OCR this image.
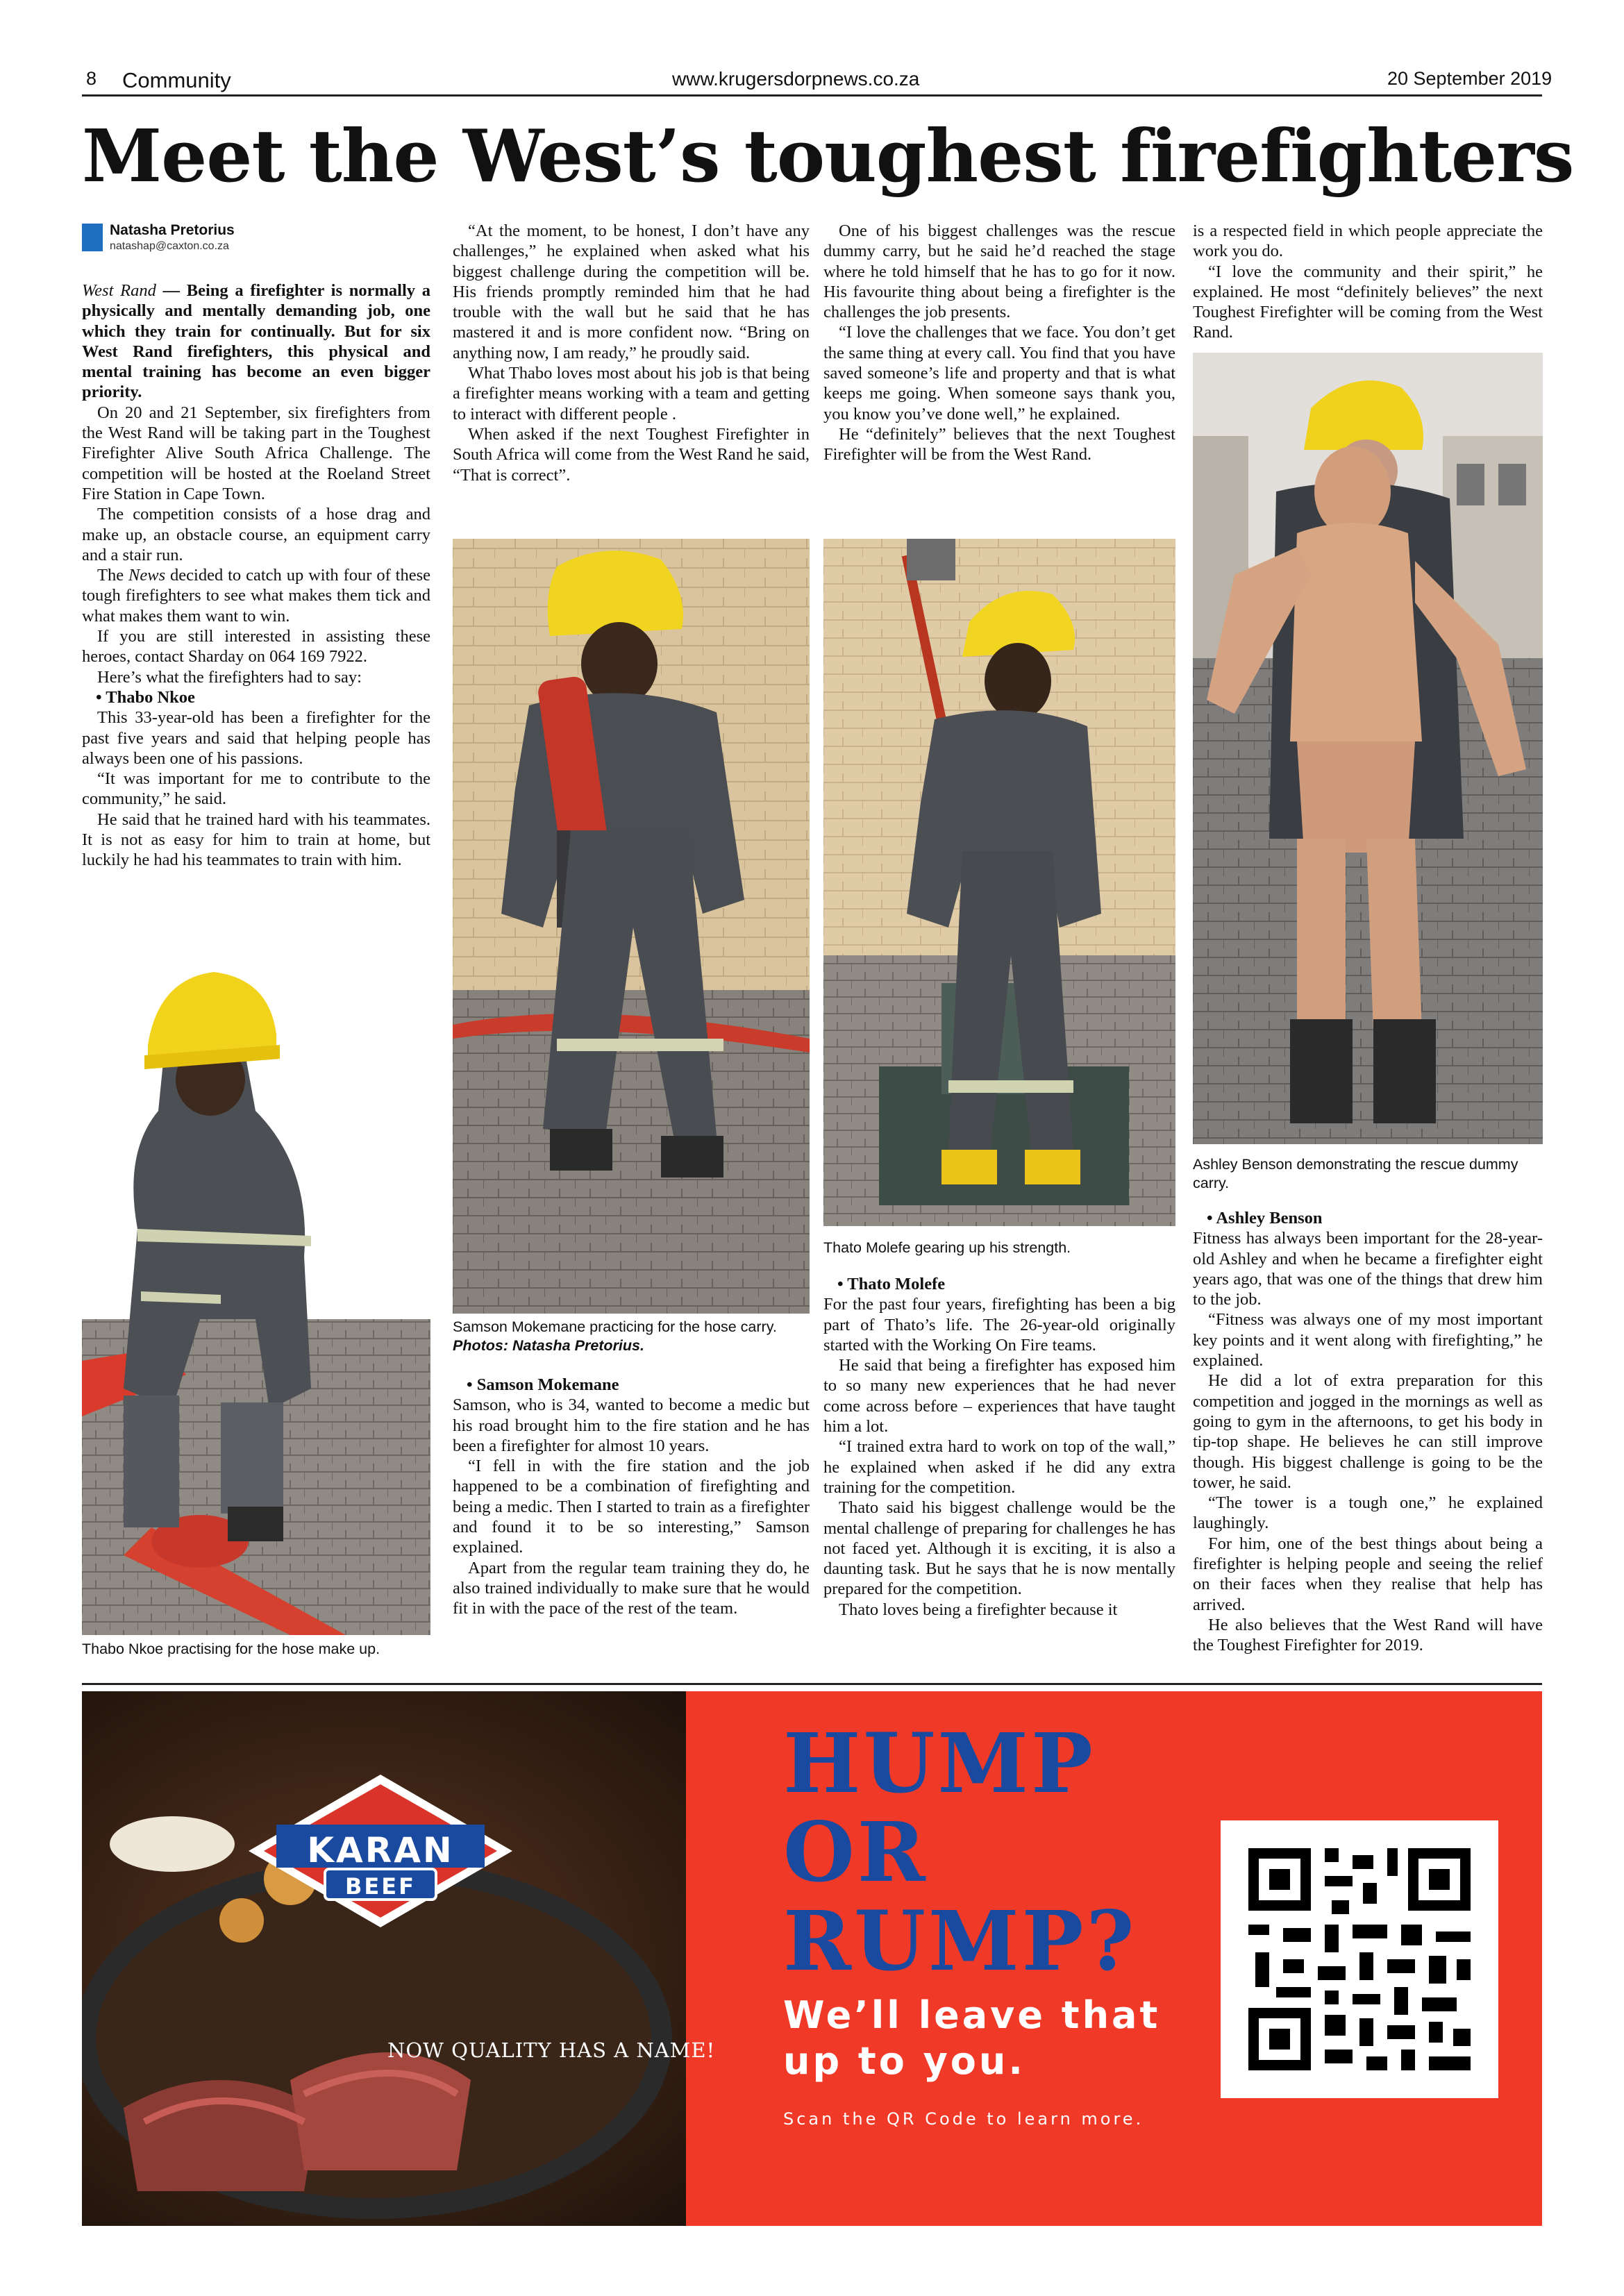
8 Community	www.krugersdorpnews.co.za	20 September 2019
Meet the West’s toughest firefighters
Natasha Pretorius
natashap@caxton.co.za

West Rand — Being a firefighter is normally a physically and mentally demanding job, one which they train for continually. But for six West Rand firefighters, this physical and mental training has become an even bigger priority.

On 20 and 21 September, six firefighters from the West Rand will be taking part in the Toughest Firefighter Alive South Africa Challenge. The competition will be hosted at the Roeland Street Fire Station in Cape Town.

The competition consists of a hose drag and make up, an obstacle course, an equipment carry and a stair run.

The News decided to catch up with four of these tough firefighters to see what makes them tick and what makes them want to win.

If you are still interested in assisting these heroes, contact Sharday on 064 169 7922.

Here’s what the firefighters had to say:

• Thabo Nkoe

This 33-year-old has been a firefighter for the past five years and said that helping people has always been one of his passions.

“It was important for me to contribute to the community,” he said.

He said that he trained hard with his teammates. It is not as easy for him to train at home, but luckily he had his teammates to train with him.

Thabo Nkoe practising for the hose make up.

“At the moment, to be honest, I don’t have any challenges,” he explained when asked what his biggest challenge during the competition will be. His friends promptly reminded him that he had trouble with the wall but he said that he has mastered it and is more confident now. “Bring on anything now, I am ready,” he proudly said.

What Thabo loves most about his job is that being a firefighter means working with a team and getting to interact with different people .

When asked if the next Toughest Firefighter in South Africa will come from the West Rand he said, “That is correct”.

Samson Mokemane practicing for the hose carry. Photos: Natasha Pretorius.

• Samson Mokemane

Samson, who is 34, wanted to become a medic but his road brought him to the fire station and he has been a firefighter for almost 10 years.

“I fell in with the fire station and the job happened to be a combination of firefighting and being a medic. Then I started to train as a firefighter and found it to be so interesting,” Samson explained.

Apart from the regular team training they do, he also trained individually to make sure that he would fit in with the pace of the rest of the team.

One of his biggest challenges was the rescue dummy carry, but he said he’d reached the stage where he told himself that he has to go for it now. His favourite thing about being a firefighter is the challenges the job presents.

“I love the challenges that we face. You don’t get the same thing at every call. You find that you have saved someone’s life and property and that is what keeps me going. When someone says thank you, you know you’ve done well,” he explained.

He “definitely” believes that the next Toughest Firefighter will be from the West Rand.

Thato Molefe gearing up his strength.

• Thato Molefe

For the past four years, firefighting has been a big part of Thato’s life. The 26-year-old originally started with the Working On Fire teams.

He said that being a firefighter has exposed him to so many new experiences that he had never come across before – experiences that have taught him a lot.

“I trained extra hard to work on top of the wall,” he explained when asked if he did any extra training for the competition.

Thato said his biggest challenge would be the mental challenge of preparing for challenges he has not faced yet. Although it is exciting, it is also a daunting task. But he says that he is now mentally prepared for the competition.

Thato loves being a firefighter because it

is a respected field in which people appreciate the work you do.

“I love the community and their spirit,” he explained. He most “definitely believes” the next Toughest Firefighter will be coming from the West Rand.

Ashley Benson demonstrating the rescue dummy carry.

• Ashley Benson

Fitness has always been important for the 28-year-old Ashley and when he became a firefighter eight years ago, that was one of the things that drew him to the job.

“Fitness was always one of my most important key points and it went along with firefighting,” he explained.

He did a lot of extra preparation for this competition and jogged in the mornings as well as going to gym in the afternoons, to get his body in tip-top shape. He believes he can still improve though. His biggest challenge is going to be the tower, he said.

“The tower is a tough one,” he explained laughingly.

For him, one of the best things about being a firefighter is helping people and seeing the relief on their faces when they realise that help has arrived.

He also believes that the West Rand will have the Toughest Firefighter for 2019.

KARAN
BEEF
NOW QUALITY HAS A NAME!
HUMP
OR
RUMP?
We’ll leave that
up to you.
Scan the QR Code to learn more.
